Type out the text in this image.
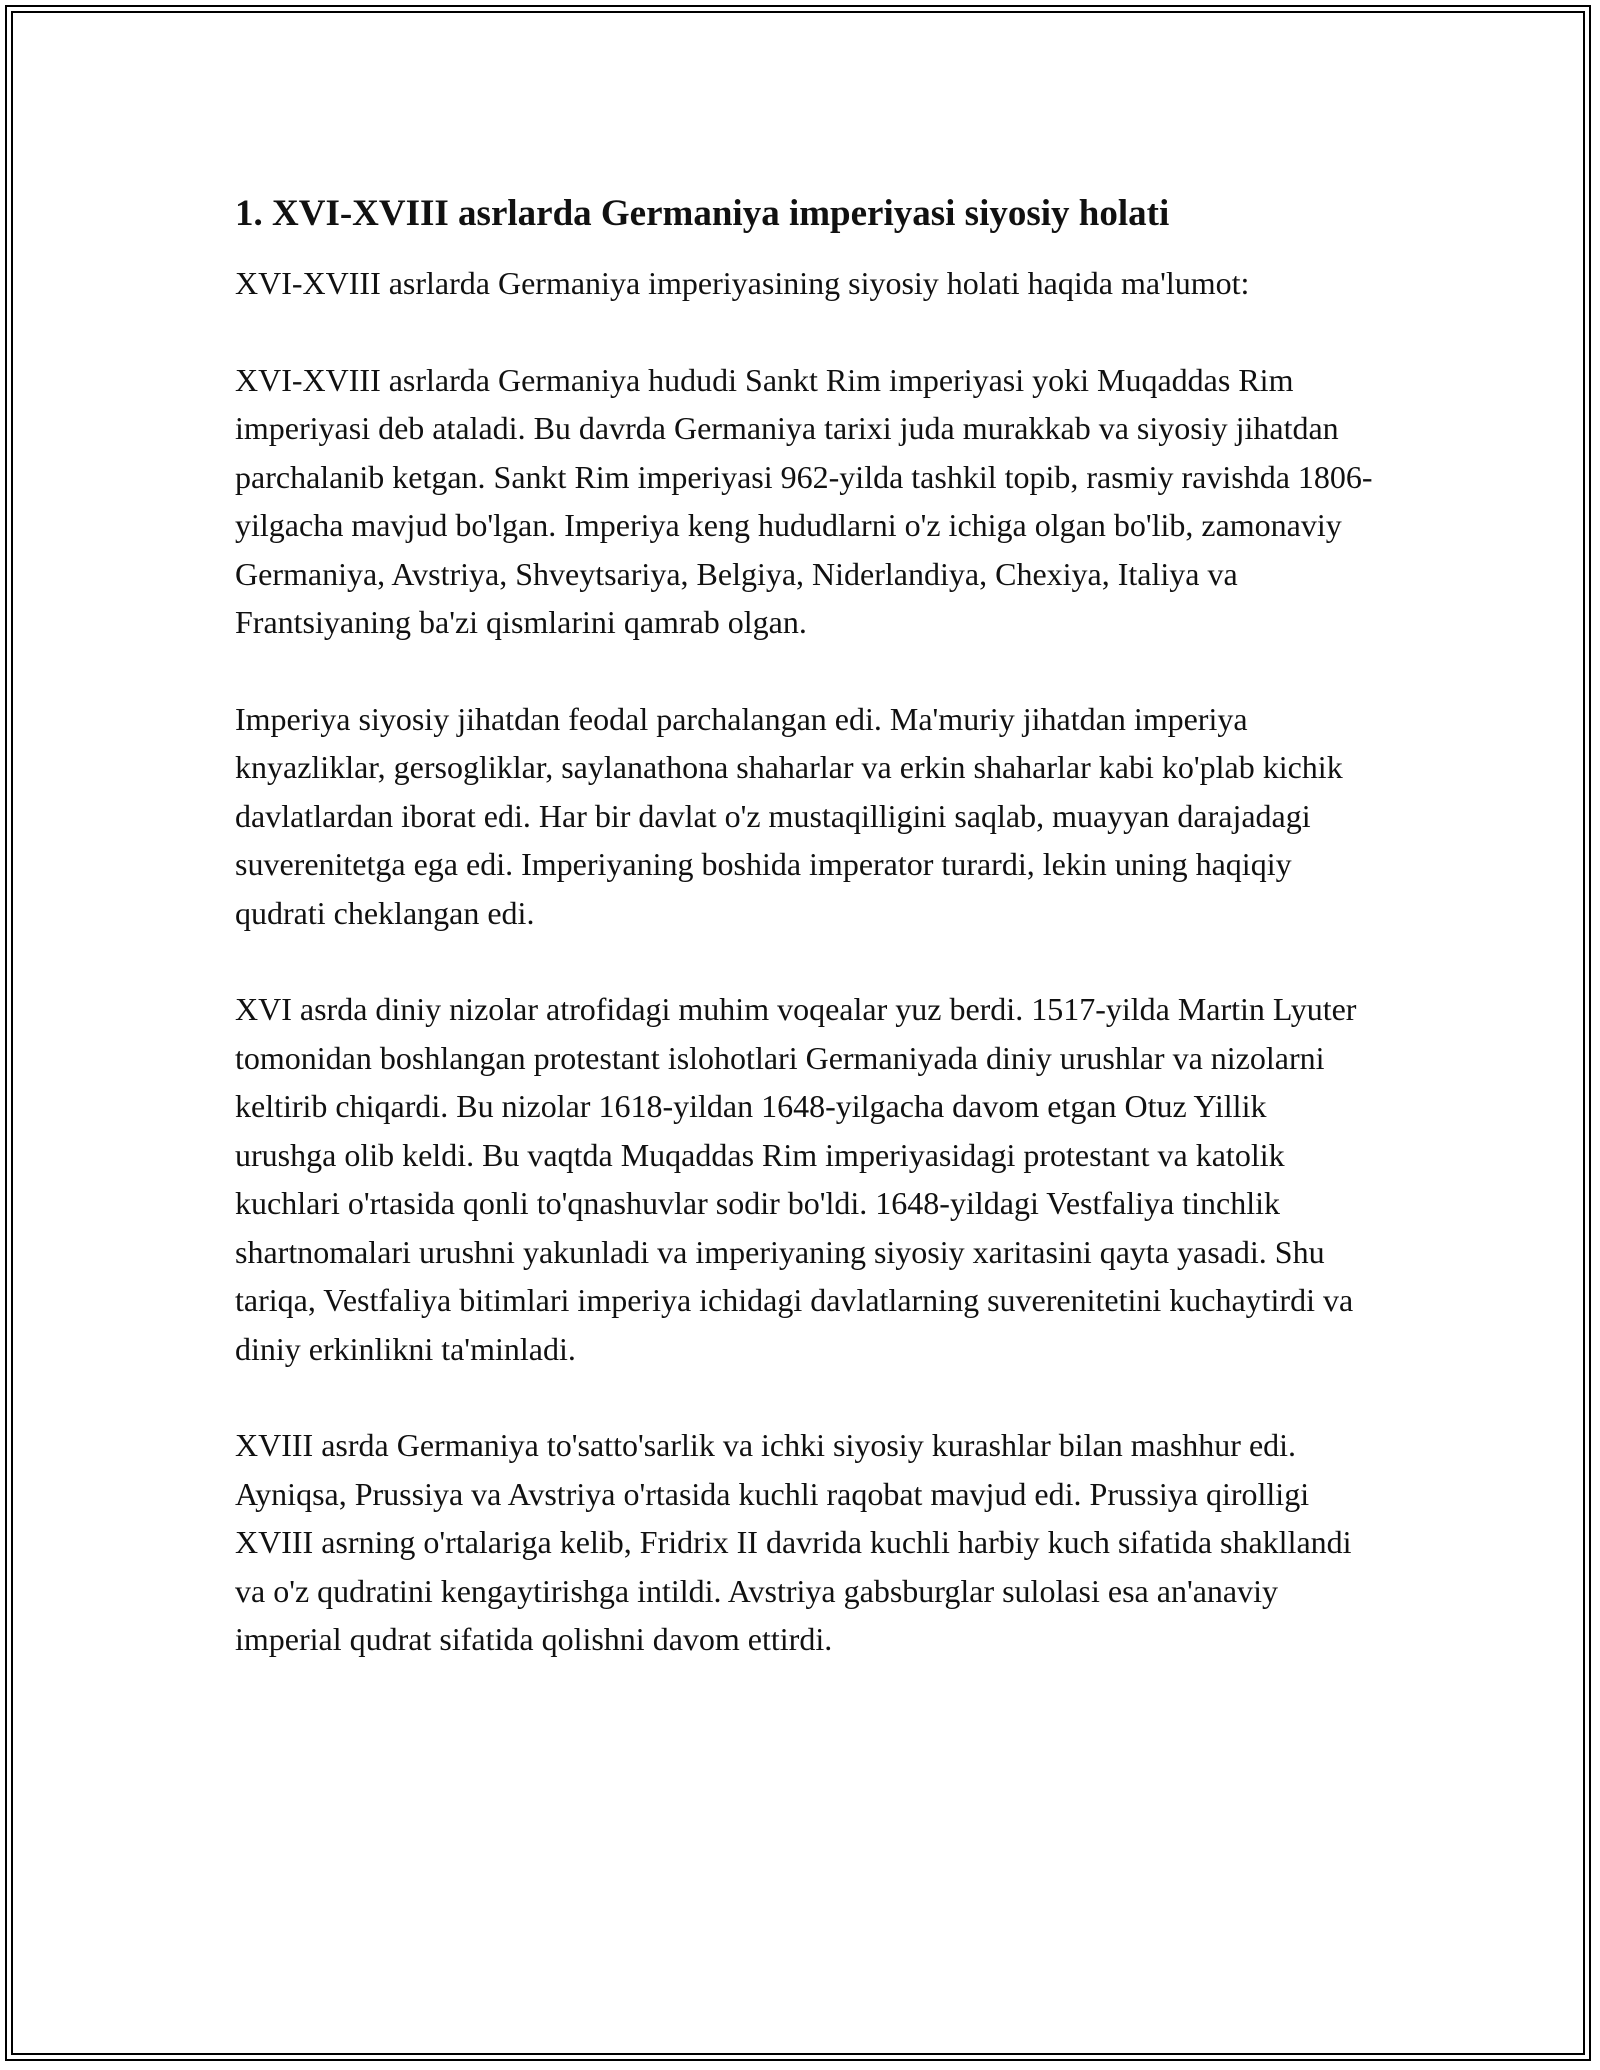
1. XVI-XVIII asrlarda Germaniya imperiyasi siyosiy holati

XVI-XVIII asrlarda Germaniya imperiyasining siyosiy holati haqida ma'lumot:

XVI-XVIII asrlarda Germaniya hududi Sankt Rim imperiyasi yoki Muqaddas Rim imperiyasi deb ataladi. Bu davrda Germaniya tarixi juda murakkab va siyosiy jihatdan parchalanib ketgan. Sankt Rim imperiyasi 962-yilda tashkil topib, rasmiy ravishda 1806-yilgacha mavjud bo'lgan. Imperiya keng hududlarni o'z ichiga olgan bo'lib, zamonaviy Germaniya, Avstriya, Shveytsariya, Belgiya, Niderlandiya, Chexiya, Italiya va Frantsiyaning ba'zi qismlarini qamrab olgan.

Imperiya siyosiy jihatdan feodal parchalangan edi. Ma'muriy jihatdan imperiya knyazliklar, gersogliklar, saylanathona shaharlar va erkin shaharlar kabi ko'plab kichik davlatlardan iborat edi. Har bir davlat o'z mustaqilligini saqlab, muayyan darajadagi suverenitetga ega edi. Imperiyaning boshida imperator turardi, lekin uning haqiqiy qudrati cheklangan edi.

XVI asrda diniy nizolar atrofidagi muhim voqealar yuz berdi. 1517-yilda Martin Lyuter tomonidan boshlangan protestant islohotlari Germaniyada diniy urushlar va nizolarni keltirib chiqardi. Bu nizolar 1618-yildan 1648-yilgacha davom etgan Otuz Yillik urushga olib keldi. Bu vaqtda Muqaddas Rim imperiyasidagi protestant va katolik kuchlari o'rtasida qonli to'qnashuvlar sodir bo'ldi. 1648-yildagi Vestfaliya tinchlik shartnomalari urushni yakunladi va imperiyaning siyosiy xaritasini qayta yasadi. Shu tariqa, Vestfaliya bitimlari imperiya ichidagi davlatlarning suverenitetini kuchaytirdi va diniy erkinlikni ta'minladi.

XVIII asrda Germaniya to'satto'sarlik va ichki siyosiy kurashlar bilan mashhur edi. Ayniqsa, Prussiya va Avstriya o'rtasida kuchli raqobat mavjud edi. Prussiya qirolligi XVIII asrning o'rtalariga kelib, Fridrix II davrida kuchli harbiy kuch sifatida shakllandi va o'z qudratini kengaytirishga intildi. Avstriya gabsburglar sulolasi esa an'anaviy imperial qudrat sifatida qolishni davom ettirdi.
